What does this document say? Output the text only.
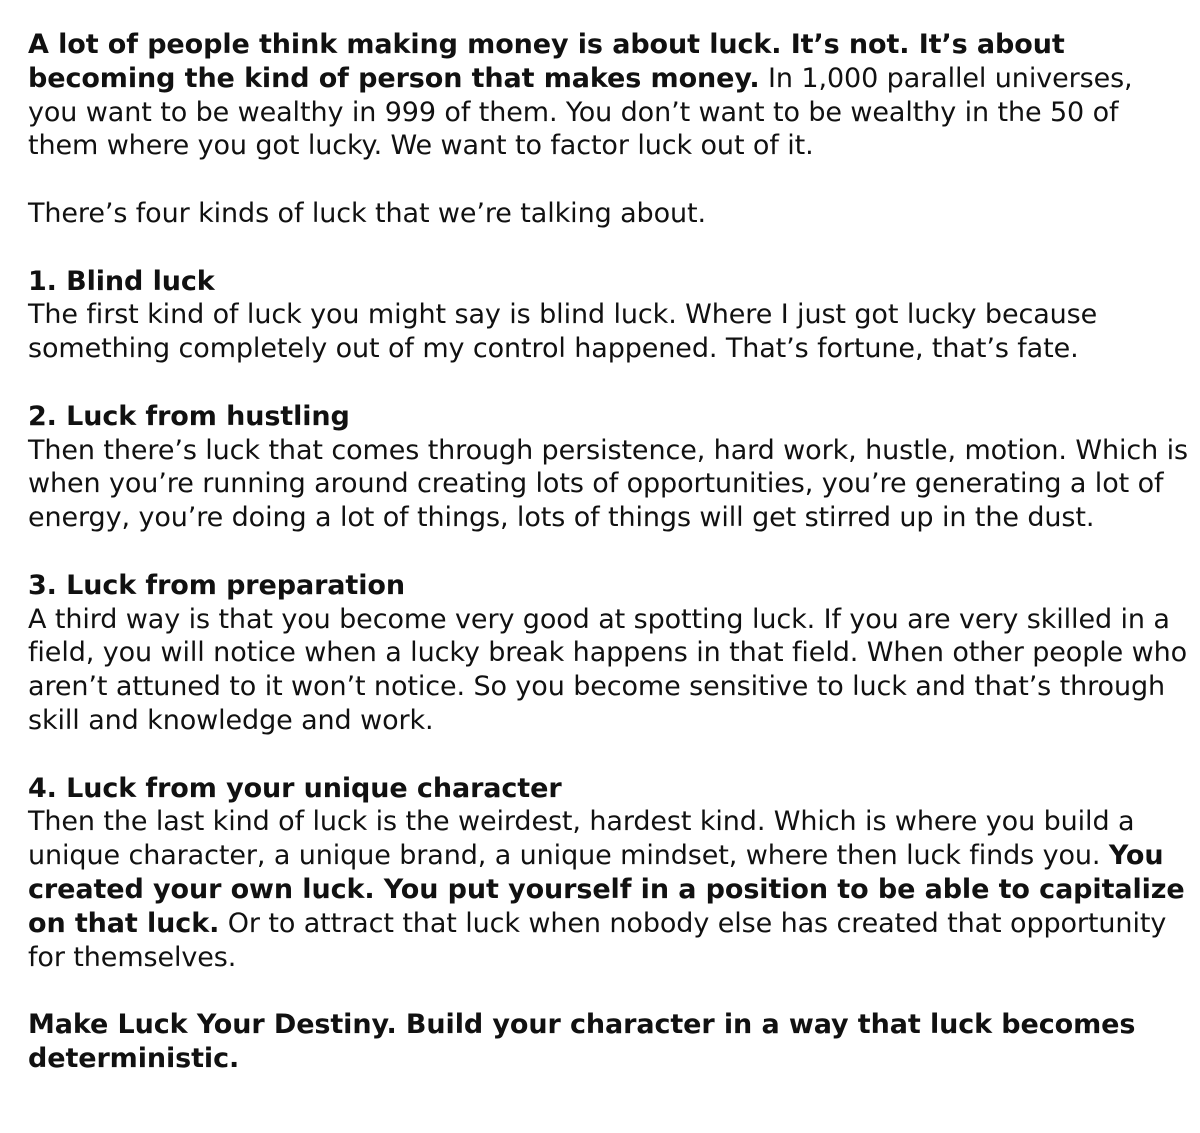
A lot of people think making money is about luck. It’s not. It’s about becoming the kind of person that makes money. In 1,000 parallel universes, you want to be wealthy in 999 of them. You don’t want to be wealthy in the 50 of them where you got lucky. We want to factor luck out of it.

There’s four kinds of luck that we’re talking about.

1. Blind luck
The first kind of luck you might say is blind luck. Where I just got lucky because something completely out of my control happened. That’s fortune, that’s fate.

2. Luck from hustling
Then there’s luck that comes through persistence, hard work, hustle, motion. Which is when you’re running around creating lots of opportunities, you’re generating a lot of energy, you’re doing a lot of things, lots of things will get stirred up in the dust.

3. Luck from preparation
A third way is that you become very good at spotting luck. If you are very skilled in a field, you will notice when a lucky break happens in that field. When other people who aren’t attuned to it won’t notice. So you become sensitive to luck and that’s through skill and knowledge and work.

4. Luck from your unique character
Then the last kind of luck is the weirdest, hardest kind. Which is where you build a unique character, a unique brand, a unique mindset, where then luck finds you. You created your own luck. You put yourself in a position to be able to capitalize on that luck. Or to attract that luck when nobody else has created that opportunity for themselves.

Make Luck Your Destiny. Build your character in a way that luck becomes deterministic.
